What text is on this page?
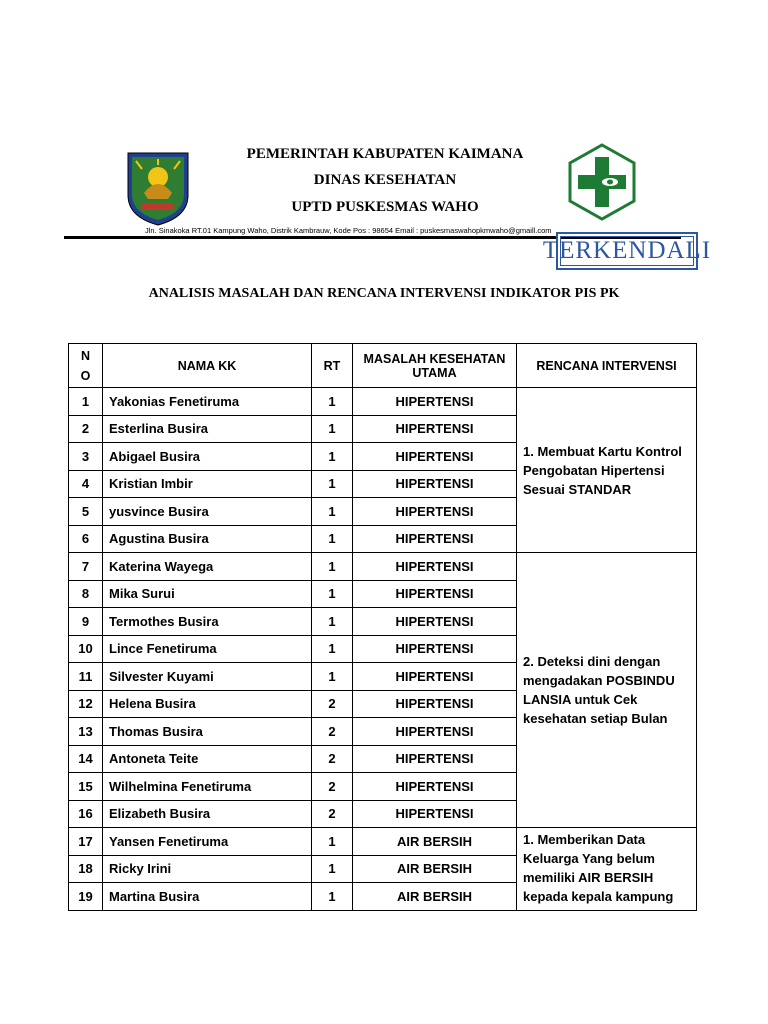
PEMERINTAH KABUPATEN KAIMANA
DINAS KESEHATAN
UPTD PUSKESMAS WAHO
Jln. Sinakoka RT.01 Kampung Waho, Distrik Kambrauw, Kode Pos : 98654 Email : puskesmaswahopkmwaho@gmaill.com
TERKENDALI
ANALISIS MASALAH DAN RENCANA INTERVENSI INDIKATOR PIS PK
N O	NAMA KK	RT	MASALAH KESEHATAN UTAMA	RENCANA INTERVENSI
1	Yakonias Fenetiruma	1	HIPERTENSI	1. Membuat Kartu Kontrol Pengobatan Hipertensi Sesuai STANDAR
2	Esterlina Busira	1	HIPERTENSI	
3	Abigael Busira	1	HIPERTENSI	
4	Kristian Imbir	1	HIPERTENSI	
5	yusvince Busira	1	HIPERTENSI	
6	Agustina Busira	1	HIPERTENSI	
7	Katerina Wayega	1	HIPERTENSI	2. Deteksi dini dengan mengadakan POSBINDU LANSIA untuk Cek kesehatan setiap Bulan
8	Mika Surui	1	HIPERTENSI	
9	Termothes Busira	1	HIPERTENSI	
10	Lince Fenetiruma	1	HIPERTENSI	
11	Silvester Kuyami	1	HIPERTENSI	
12	Helena Busira	2	HIPERTENSI	
13	Thomas Busira	2	HIPERTENSI	
14	Antoneta Teite	2	HIPERTENSI	
15	Wilhelmina Fenetiruma	2	HIPERTENSI	
16	Elizabeth Busira	2	HIPERTENSI	
17	Yansen Fenetiruma	1	AIR BERSIH	1. Memberikan Data Keluarga Yang belum memiliki AIR BERSIH kepada kepala kampung
18	Ricky Irini	1	AIR BERSIH	
19	Martina Busira	1	AIR BERSIH	
